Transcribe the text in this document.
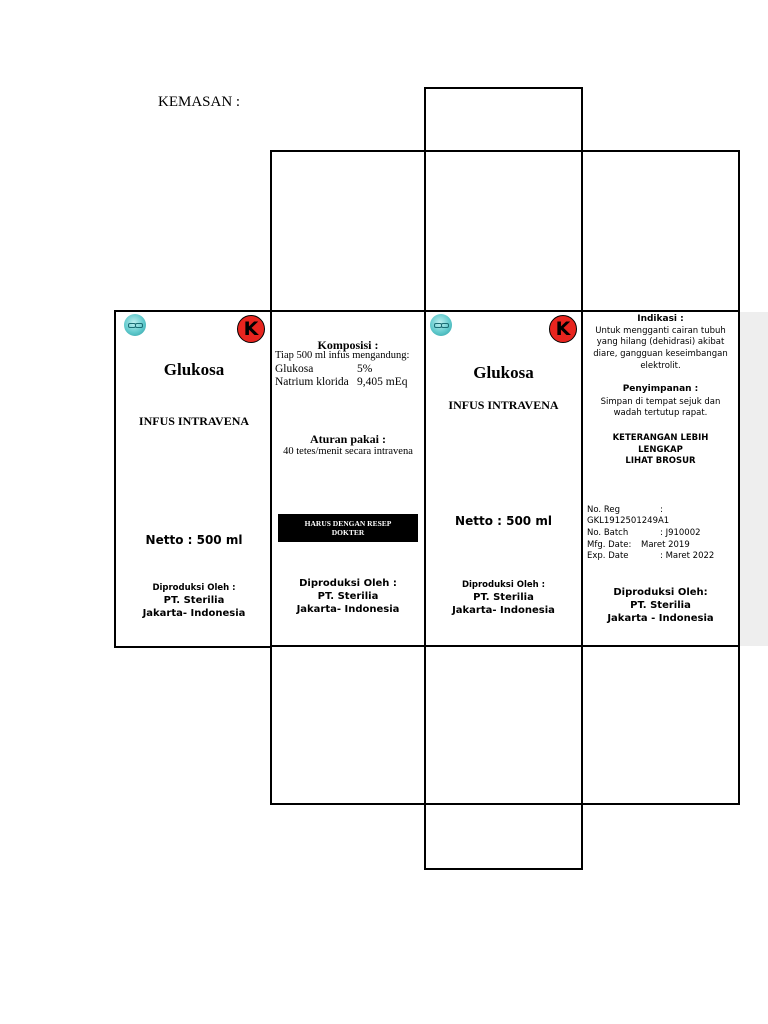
KEMASAN :
K
Glukosa
INFUS INTRAVENA
Netto : 500 ml
Diproduksi Oleh :
PT. Sterilia
Jakarta- Indonesia
Komposisi :
Tiap 500 ml infus mengandung:
Glukosa	5%
Natrium klorida 9,405 mEq
Aturan pakai :
40 tetes/menit secara intravena
HARUS DENGAN RESEP DOKTER
Diproduksi Oleh :
PT. Sterilia
Jakarta- Indonesia
K
Glukosa
INFUS INTRAVENA
Netto : 500 ml
Diproduksi Oleh :
PT. Sterilia
Jakarta- Indonesia
Indikasi :
Untuk mengganti cairan tubuh
yang hilang (dehidrasi) akibat
diare, gangguan keseimbangan
elektrolit.
Penyimpanan :
Simpan di tempat sejuk dan
wadah tertutup rapat.
KETERANGAN LEBIH
LENGKAP
LIHAT BROSUR
No. Reg	:
GKL1912501249A1
No. Batch	: J910002
Mfg. Date: Maret 2019
Exp. Date	: Maret 2022
Diproduksi Oleh:
PT. Sterilia
Jakarta - Indonesia
